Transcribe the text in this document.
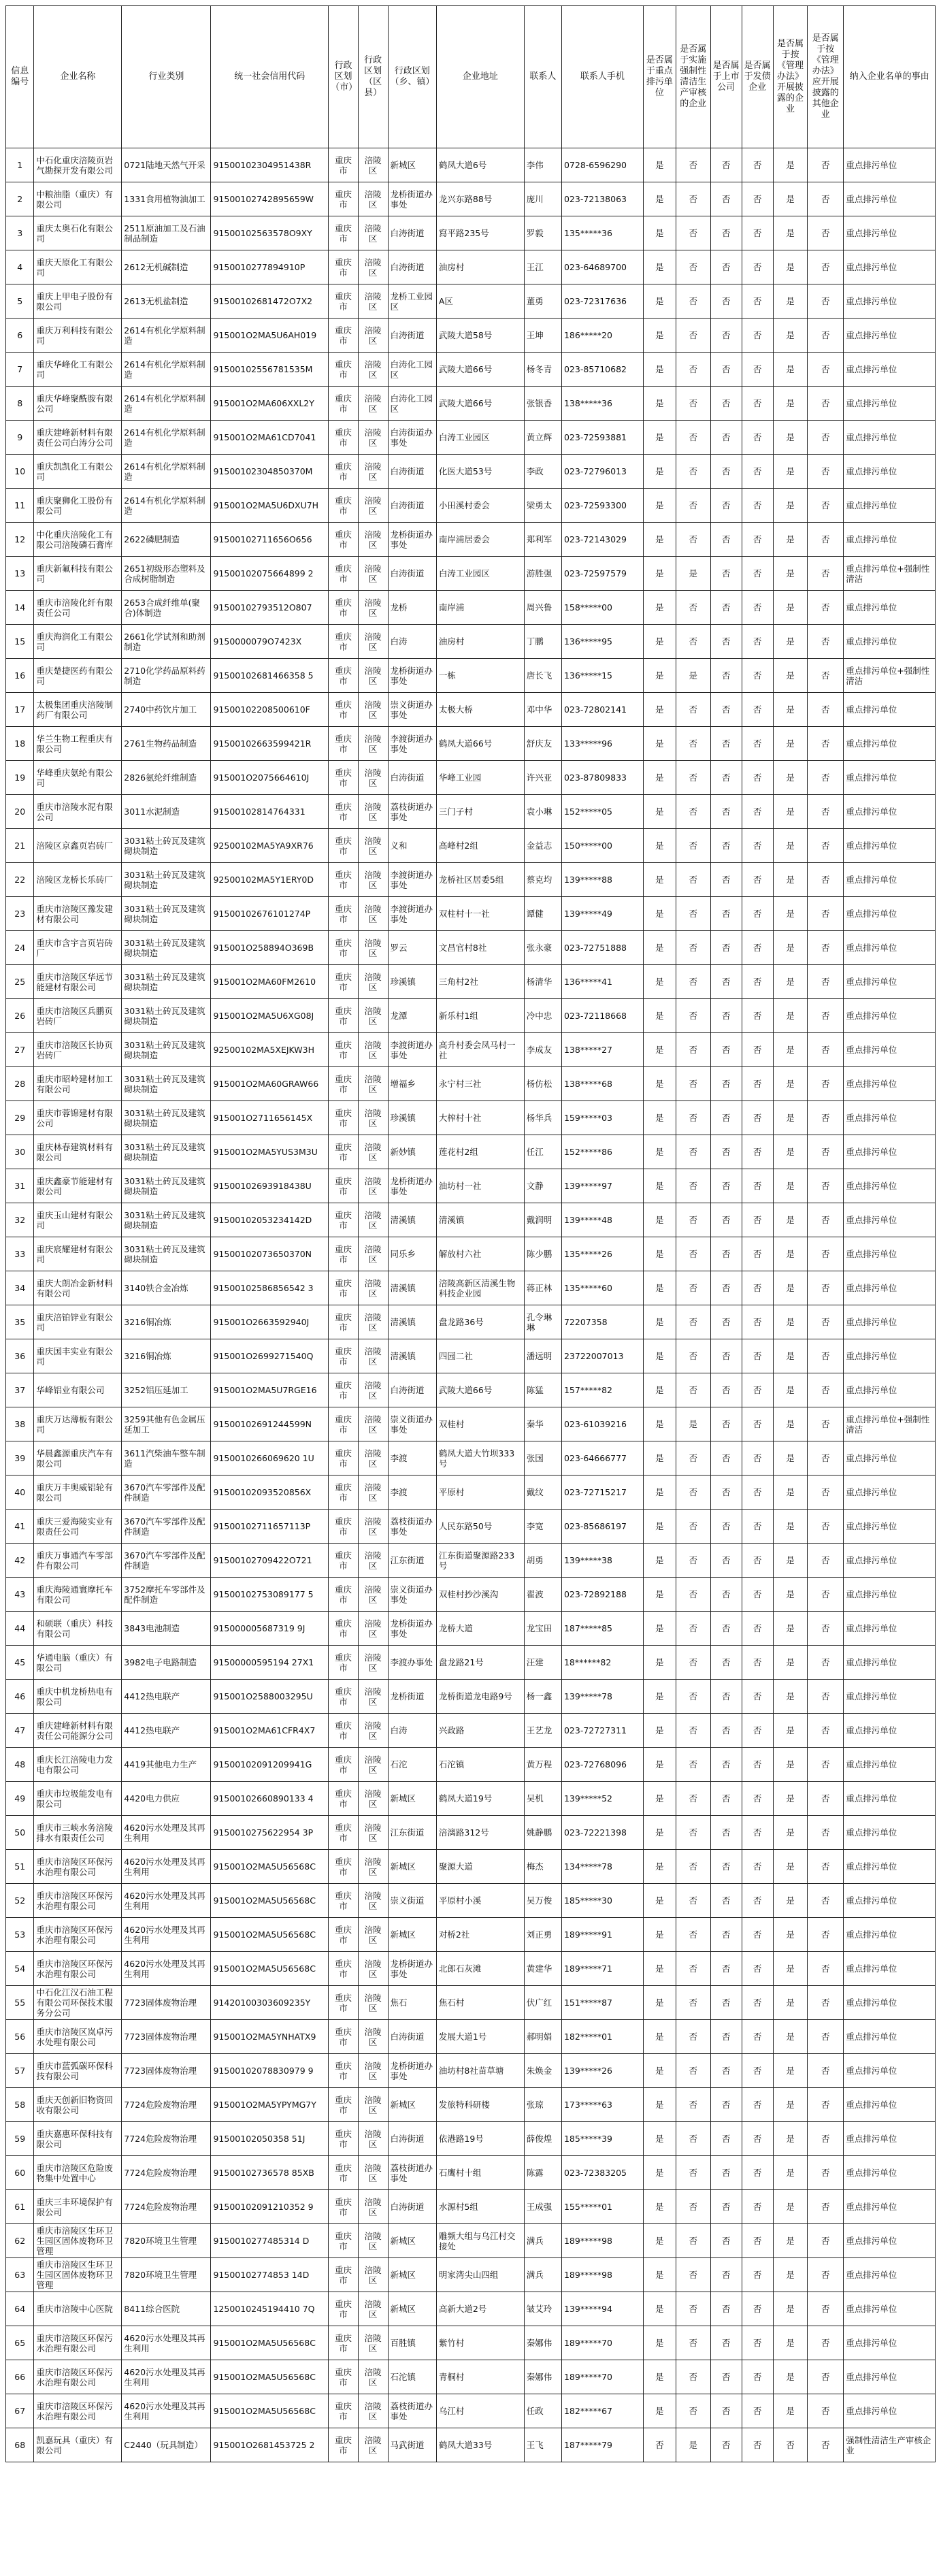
信息编号	企业名称	行业类别	统一社会信用代码	行政区划（市）	行政区划（区县）	行政区划（乡、镇）	企业地址	联系人	联系人手机	是否属于重点排污单位	是否属于实施强制性清洁生产审核的企业	是否属于上市公司	是否属于发债企业	是否属于按《管理办法》开展披露的企业	是否属于按《管理办法》应开展披露的其他企业	纳入企业名单的事由
1	中石化重庆涪陵页岩气勘探开发有限公司	0721陆地天然气开采	91500102304951438R	重庆市	涪陵区	新城区	鹤凤大道6号	李伟	0728-6596290	是	否	否	否	是	否	重点排污单位
2	中粮油脂（重庆）有限公司	1331食用植物油加工	91500102742895659W	重庆市	涪陵区	龙桥街道办事处	龙兴东路88号	庞川	023-72138063	是	否	否	否	是	否	重点排污单位
3	重庆太奥石化有限公司	2511原油加工及石油制品制造	91500102563578O9XY	重庆市	涪陵区	白涛街道	寫平路235号	罗毅	135*****36	是	否	否	否	是	否	重点排污单位
4	重庆天原化工有限公司	2612无机碱制造	9150010277894910P	重庆市	涪陵区	白涛街道	油房村	王江	023-64689700	是	否	否	否	是	否	重点排污单位
5	重庆上甲电子股份有限公司	2613无机盐制造	91500102681472O7X2	重庆市	涪陵区	龙桥工业园区	A区	董勇	023-72317636	是	否	否	否	是	否	重点排污单位
6	重庆万利科技有限公司	2614有机化学原料制造	915001O2MA5U6AH019	重庆市	涪陵区	白涛街道	武陵大道58号	王坤	186*****20	是	否	否	否	是	否	重点排污单位
7	重庆华峰化工有限公司	2614有机化学原料制造	91500102556781535M	重庆市	涪陵区	白涛化工园区	武陵大道66号	杨冬青	023-85710682	是	否	否	否	是	否	重点排污单位
8	重庆华峰聚酰胺有限公司	2614有机化学原料制造	915001O2MA606XXL2Y	重庆市	涪陵区	白涛化工园区	武陵大道66号	张银香	138*****36	是	否	否	否	是	否	重点排污单位
9	重庆建峰新材料有限责任公司白涛分公司	2614有机化学原料制造	915001O2MA61CD7041	重庆市	涪陵区	白涛街道办事处	白涛工业园区	黄立辉	023-72593881	是	否	否	否	是	否	重点排污单位
10	重庆凯凯化工有限公司	2614有机化学原料制造	91500102304850370M	重庆市	涪陵区	白涛街道	化医大道53号	李政	023-72796013	是	否	否	否	是	否	重点排污单位
11	重庆聚狮化工股份有限公司	2614有机化学原料制造	915001O2MA5U6DXU7H	重庆市	涪陵区	白涛街道	小田溪村委会	梁勇太	023-72593300	是	否	否	否	是	否	重点排污单位
12	中化重庆涪陵化工有限公司涪陵磷石膏库	2622磷肥制造	91500102711656O656	重庆市	涪陵区	龙桥街道办事处	南岸浦居委会	郑利军	023-72143029	是	否	否	否	是	否	重点排污单位
13	重庆新氟科技有限公司	2651初级形态塑料及合成树脂制造	91500102075664899 2	重庆市	涪陵区	白涛街道	白涛工业园区	游胜强	023-72597579	是	是	否	否	是	否	重点排污单位+强制性清洁
14	重庆市涪陵化纤有限责任公司	2653合成纤维单(聚合)体制造	91500102793512O807	重庆市	涪陵区	龙桥	南岸浦	周兴鲁	158*****00	是	否	否	否	是	否	重点排污单位
15	重庆海润化工有限公司	2661化学试剂和助剂制造	9150000079O7423X	重庆市	涪陵区	白涛	油房村	丁鹏	136*****95	是	否	否	否	是	否	重点排污单位
16	重庆楚捷医药有限公司	2710化学药品原料药制造	91500102681466358 5	重庆市	涪陵区	龙桥街道办事处	一栋	唐长飞	136*****15	是	是	否	否	是	否	重点排污单位+强制性清洁
17	太极集团重庆涪陵制药厂有限公司	2740中药饮片加工	91500102208500610F	重庆市	涪陵区	崇义街道办事处	太极大桥	邓中华	023-72802141	是	否	否	否	是	否	重点排污单位
18	华兰生物工程重庆有限公司	2761生物药品制造	91500102663599421R	重庆市	涪陵区	李渡街道办事处	鹤凤大道66号	舒庆友	133*****96	是	否	否	否	是	否	重点排污单位
19	华峰重庆氨纶有限公司	2826氨纶纤维制造	915001O2075664610J	重庆市	涪陵区	白涛街道	华峰工业园	许兴亚	023-87809833	是	否	否	否	是	否	重点排污单位
20	重庆市涪陵水泥有限公司	3011水泥制造	91500102814764331	重庆市	涪陵区	荔枝街道办事处	三门子村	袁小琳	152*****05	是	否	否	否	是	否	重点排污单位
21	涪陵区京鑫页岩砖厂	3031粘土砖瓦及建筑砌块制造	92500102MA5YA9XR76	重庆市	涪陵区	义和	高峰村2组	金益志	150*****00	是	否	否	否	是	否	重点排污单位
22	涪陵区龙桥长乐砖厂	3031粘土砖瓦及建筑砌块制造	92500102MA5Y1ERY0D	重庆市	涪陵区	李渡街道办事处	龙桥社区居委5组	蔡克均	139*****88	是	否	否	否	是	否	重点排污单位
23	重庆市涪陵区豫发建材有限公司	3031粘土砖瓦及建筑砌块制造	91500102676101274P	重庆市	涪陵区	李渡街道办事处	双柱村十一社	谭健	139*****49	是	否	否	否	是	否	重点排污单位
24	重庆市含宇言页岩砖厂	3031粘土砖瓦及建筑砌块制造	915001O258894O369B	重庆市	涪陵区	罗云	文昌官村8社	张永豪	023-72751888	是	否	否	否	是	否	重点排污单位
25	重庆市涪陵区华远节能建材有限公司	3031粘土砖瓦及建筑砌块制造	915001O2MA60FM2610	重庆市	涪陵区	珍溪镇	三角村2社	杨清华	136*****41	是	否	否	否	是	否	重点排污单位
26	重庆市涪陵区兵鹏页岩砖厂	3031粘土砖瓦及建筑砌块制造	915001O2MA5U6XG08J	重庆市	涪陵区	龙潭	新乐村1组	冷中忠	023-72118668	是	否	否	否	是	否	重点排污单位
27	重庆市涪陵区长协页岩砖厂	3031粘土砖瓦及建筑砌块制造	92500102MA5XEJKW3H	重庆市	涪陵区	李渡街道办事处	高升村委会凤马村一社	李成友	138*****27	是	否	否	否	是	否	重点排污单位
28	重庆市昭岭建材加工有限公司	3031粘土砖瓦及建筑砌块制造	915001O2MA60GRAW66	重庆市	涪陵区	增福乡	永宁村三社	杨仿松	138*****68	是	否	否	否	是	否	重点排污单位
29	重庆市蓉锦建材有限公司	3031粘土砖瓦及建筑砌块制造	915001O2711656145X	重庆市	涪陵区	珍溪镇	大榨村十社	杨华兵	159*****03	是	否	否	否	是	否	重点排污单位
30	重庆林春建筑材料有限公司	3031粘土砖瓦及建筑砌块制造	915001O2MA5YUS3M3U	重庆市	涪陵区	新妙镇	莲花村2组	任江	152*****86	是	否	否	否	是	否	重点排污单位
31	重庆鑫豪节能建材有限公司	3031粘土砖瓦及建筑砌块制造	91500102693918438U	重庆市	涪陵区	龙桥街道办事处	油坊村一社	文静	139*****97	是	否	否	否	是	否	重点排污单位
32	重庆玉山建材有限公司	3031粘土砖瓦及建筑砌块制造	91500102053234142D	重庆市	涪陵区	清溪镇	清溪镇	戴润明	139*****48	是	否	否	否	是	否	重点排污单位
33	重庆宸耀建材有限公司	3031粘土砖瓦及建筑砌块制造	91500102073650370N	重庆市	涪陵区	同乐乡	解放村六社	陈少鹏	135*****26	是	否	否	否	是	否	重点排污单位
34	重庆大朗冶金新材料有限公司	3140铁合金冶炼	91500102586856542 3	重庆市	涪陵区	清溪镇	涪陵高新区清溪生物科技企业园	蒋正林	135*****60	是	否	否	否	是	否	重点排污单位
35	重庆涪铂锌业有限公司	3216铜冶炼	915001O2663592940J	重庆市	涪陵区	清溪镇	盘龙路36号	孔令琳琳	72207358	是	否	否	否	是	否	重点排污单位
36	重庆国丰实业有限公司	3216铜冶炼	915001O2699271540Q	重庆市	涪陵区	清溪镇	四园二社	潘远明	23722007013	是	否	否	否	是	否	重点排污单位
37	华峰铝业有限公司	3252铝压延加工	915001O2MA5U7RGE16	重庆市	涪陵区	白涛街道	武陵大道66号	陈猛	157*****82	是	否	否	否	是	否	重点排污单位
38	重庆万达薄板有限公司	3259其他有色金属压延加工	91500102691244599N	重庆市	涪陵区	崇义街道办事处	双桂村	秦华	023-61039216	是	是	否	否	是	否	重点排污单位+强制性清洁
39	华晨鑫源重庆汽车有限公司	3611汽柴油车整车制造	9150010266069620 1U	重庆市	涪陵区	李渡	鹤凤大道大竹坝333号	张国	023-64666777	是	否	否	否	是	否	重点排污单位
40	重庆万丰奥威铝轮有限公司	3670汽车零部件及配件制造	91500102093520856X	重庆市	涪陵区	李渡	平原村	戴纹	023-72715217	是	否	否	否	是	否	重点排污单位
41	重庆三爱海陵实业有限责任公司	3670汽车零部件及配件制造	91500102711657113P	重庆市	涪陵区	荔枝街道办事处	人民东路50号	李宽	023-85686197	是	否	否	否	是	否	重点排污单位
42	重庆万事通汽车零部件有限公司	3670汽车零部件及配件制造	91500102709422O721	重庆市	涪陵区	江东街道	江东街道聚源路233号	胡勇	139*****38	是	否	否	否	是	否	重点排污单位
43	重庆海陵通寰摩托车有限公司	3752摩托车零部件及配件制造	91500102753089177 5	重庆市	涪陵区	崇义街道办事处	双桂村抄沙溪沟	翟波	023-72892188	是	否	否	否	是	否	重点排污单位
44	和硕联（重庆）科技有限公司	3843电池制造	915000005687319 9J	重庆市	涪陵区	龙桥街道办事处	龙桥大道	龙宝田	187*****85	是	否	否	否	是	否	重点排污单位
45	华通电脑（重庆）有限公司	3982电子电路制造	91500000595194 27X1	重庆市	涪陵区	李渡办事处	盘龙路21号	汪建	18******82	是	否	否	否	是	否	重点排污单位
46	重庆中机龙桥热电有限公司	4412热电联产	915001O2588003295U	重庆市	涪陵区	龙桥街道	龙桥街道龙电路9号	杨一鑫	139*****78	是	否	否	否	是	否	重点排污单位
47	重庆建峰新材料有限责任公司能源分公司	4412热电联产	915001O2MA61CFR4X7	重庆市	涪陵区	白涛	兴政路	王艺龙	023-72727311	是	否	否	否	是	否	重点排污单位
48	重庆长江涪陵电力发电有限公司	4419其他电力生产	91500102091209941G	重庆市	涪陵区	石沱	石沱镇	黄万程	023-72768096	是	否	否	否	是	否	重点排污单位
49	重庆市垃圾能发电有限公司	4420电力供应	91500102660890133 4	重庆市	涪陵区	新城区	鹤凤大道19号	吴机	139*****52	是	否	否	否	是	否	重点排污单位
50	重庆市三峡水务涪陵排水有限责任公司	4620污水处理及其再生利用	9150010275622954 3P	重庆市	涪陵区	江东街道	涪漓路312号	姚静鹏	023-72221398	是	否	否	否	是	否	重点排污单位
51	重庆市涪陵区环保污水治理有限公司	4620污水处理及其再生利用	915001O2MA5U56568C	重庆市	涪陵区	新城区	聚源大道	梅杰	134*****78	是	否	否	否	是	否	重点排污单位
52	重庆市涪陵区环保污水治理有限公司	4620污水处理及其再生利用	915001O2MA5U56568C	重庆市	涪陵区	崇义街道	平原村小溪	吴万俊	185*****30	是	否	否	否	是	否	重点排污单位
53	重庆市涪陵区环保污水治理有限公司	4620污水处理及其再生利用	915001O2MA5U56568C	重庆市	涪陵区	新城区	对桥2社	刘正勇	189*****91	是	否	否	否	是	否	重点排污单位
54	重庆市涪陵区环保污水治理有限公司	4620污水处理及其再生利用	915001O2MA5U56568C	重庆市	涪陵区	龙桥街道办事处	北郎石灰滩	黄建华	189*****71	是	否	否	否	是	否	重点排污单位
55	中石化江汉石油工程有限公司环保技术服务分公司	7723固体废物治理	91420100303609235Y	重庆市	涪陵区	焦石	焦石村	伏广红	151*****87	是	否	否	否	是	否	重点排污单位
56	重庆市涪陵区岚卓污水处理有限公司	7723固体废物治理	915001O2MA5YNHATX9	重庆市	涪陵区	白涛街道	发展大道1号	郝明娟	182*****01	是	否	否	否	是	否	重点排污单位
57	重庆市蓝弧碳环保科技有限公司	7723固体废物治理	91500102078830979 9	重庆市	涪陵区	龙桥街道办事处	油坊村8社苗草塘	朱焕金	139*****26	是	否	否	否	是	否	重点排污单位
58	重庆天创新旧物资回收有限公司	7724危险废物治理	915001O2MA5YPYMG7Y	重庆市	涪陵区	新城区	发旅特科研楼	张琼	173*****63	是	否	否	否	是	否	重点排污单位
59	重庆嘉惠环保科技有限公司	7724危险废物治理	91500102050358 51J	重庆市	涪陵区	白涛街道	依港路19号	薛俊煌	185*****39	是	否	否	否	是	否	重点排污单位
60	重庆市涪陵区危险废物集中处置中心	7724危险废物治理	91500102736578 85XB	重庆市	涪陵区	荔枝街道办事处	石鹰村十组	陈露	023-72383205	是	否	否	否	是	否	重点排污单位
61	重庆三丰环境保护有限公司	7724危险废物治理	91500102091210352 9	重庆市	涪陵区	白涛街道	水源村5组	王成强	155*****01	是	否	否	否	是	否	重点排污单位
62	重庆市涪陵区生环卫生园区固体废物环卫管理	7820环境卫生管理	9150010277485314 D	重庆市	涪陵区	新城区	雕频大组与乌江村交接处	满兵	189*****98	是	否	否	否	是	否	重点排污单位
63	重庆市涪陵区生环卫生园区固体废物环卫管理	7820环境卫生管理	91500102774853 14D	重庆市	涪陵区	新城区	明家湾尖山四组	满兵	189*****98	是	否	否	否	是	否	重点排污单位
64	重庆市涪陵中心医院	8411综合医院	1250010245194410 7Q	重庆市	涪陵区	新城区	高新大道2号	皱艾玲	139*****94	是	否	否	否	是	否	重点排污单位
65	重庆市涪陵区环保污水治理有限公司	4620污水处理及其再生利用	915001O2MA5U56568C	重庆市	涪陵区	百胜镇	紫竹村	秦娜伟	189*****70	是	否	否	否	是	否	重点排污单位
66	重庆市涪陵区环保污水治理有限公司	4620污水处理及其再生利用	915001O2MA5U56568C	重庆市	涪陵区	石沱镇	青桐村	秦娜伟	189*****70	是	否	否	否	是	否	重点排污单位
67	重庆市涪陵区环保污水治理有限公司	4620污水处理及其再生利用	915001O2MA5U56568C	重庆市	涪陵区	荔枝街道办事处	乌江村	任政	182*****67	是	否	否	否	是	否	重点排污单位
68	凯嘉玩具（重庆）有限公司	C2440（玩具制造）	915001O2681453725 2	重庆市	涪陵区	马武街道	鹤凤大道33号	王飞	187*****79	否	是	否	否	否	否	强制性清洁生产审核企业
